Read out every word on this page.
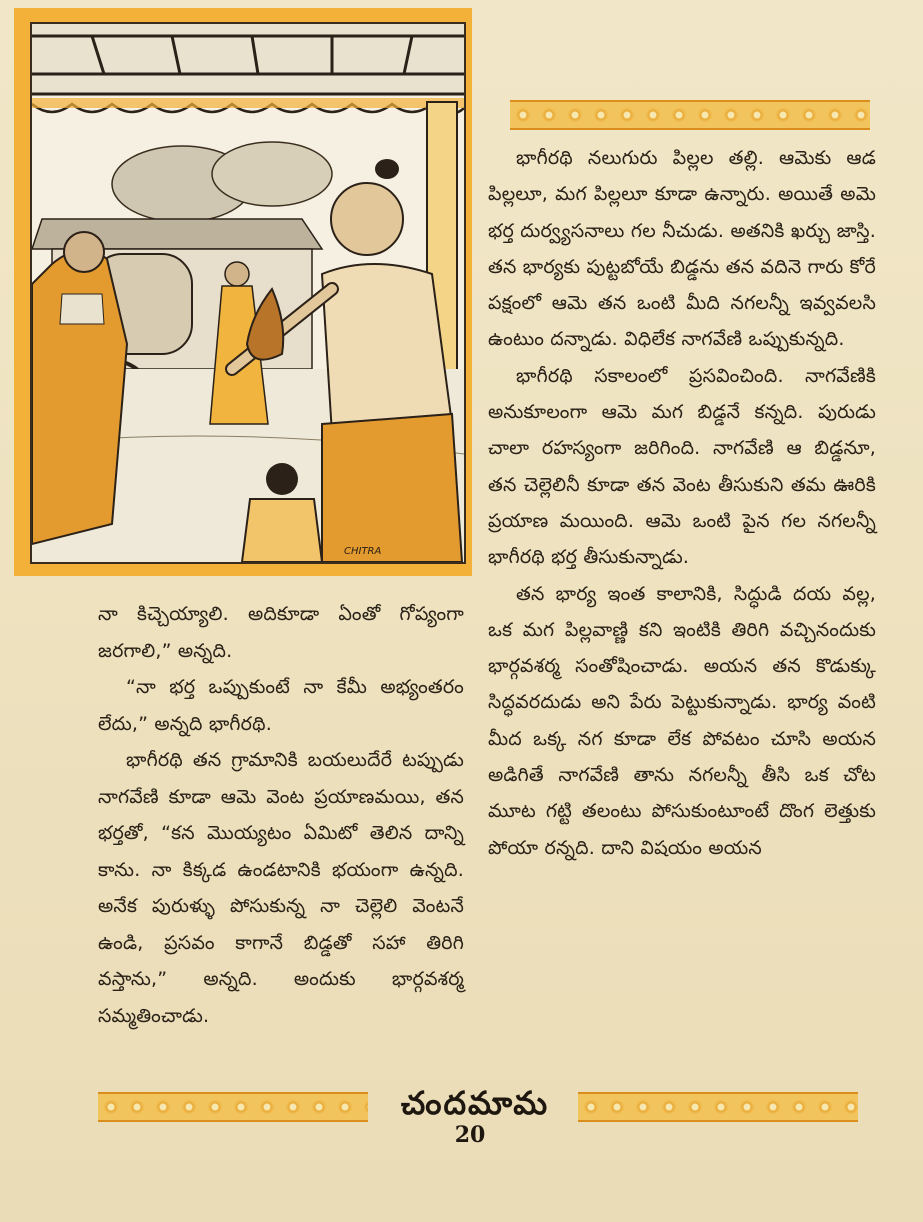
CHITRA

భాగీరథి నలుగురు పిల్లల తల్లి. ఆమెకు ఆడ పిల్లలూ, మగ పిల్లలూ కూడా ఉన్నారు. అయితే అమె భర్త దుర్వ్యసనాలు గల నీచుడు. అతనికి ఖర్చు జాస్తి. తన భార్యకు పుట్టబోయే బిడ్డను తన వదినె గారు కోరే పక్షంలో ఆమె తన ఒంటి మీది నగలన్నీ ఇవ్వవలసి ఉంటుం దన్నాడు. విధిలేక నాగవేణి ఒప్పుకున్నది.

భాగీరథి సకాలంలో ప్రసవించింది. నాగవేణికి అనుకూలంగా ఆమె మగ బిడ్డనే కన్నది. పురుడు చాలా రహస్యంగా జరిగింది. నాగవేణి ఆ బిడ్డనూ, తన చెల్లెలినీ కూడా తన వెంట తీసుకుని తమ ఊరికి ప్రయాణ మయింది. ఆమె ఒంటి పైన గల నగలన్నీ భాగీరథి భర్త తీసుకున్నాడు.

తన భార్య ఇంత కాలానికి, సిద్ధుడి దయ వల్ల, ఒక మగ పిల్లవాణ్ణి కని ఇంటికి తిరిగి వచ్చినందుకు భార్గవశర్మ సంతోషించాడు. అయన తన కొడుక్కు సిద్ధవరదుడు అని పేరు పెట్టుకున్నాడు. భార్య వంటి మీద ఒక్క నగ కూడా లేక పోవటం చూసి అయన అడిగితే నాగవేణి తాను నగలన్నీ తీసి ఒక చోట మూట గట్టి తలంటు పోసుకుంటూంటే దొంగ లెత్తుకు పోయా రన్నది. దాని విషయం అయన

నా కిచ్చెయ్యాలి. అదికూడా ఏంతో గోప్యంగా జరగాలి,” అన్నది.

“నా భర్త ఒప్పుకుంటే నా కేమీ అభ్యంతరం లేదు,” అన్నది భాగీరథి.

భాగీరథి తన గ్రామానికి బయలుదేరే టప్పుడు నాగవేణి కూడా ఆమె వెంట ప్రయాణమయి, తన భర్తతో, “కన మొయ్యటం ఏమిటో తెలిన దాన్ని కాను. నా కిక్కడ ఉండటానికి భయంగా ఉన్నది. అనేక పురుళ్ళు పోసుకున్న నా చెల్లెలి వెంటనే ఉండి, ప్రసవం కాగానే బిడ్డతో సహా తిరిగి వస్తాను,” అన్నది. అందుకు భార్గవశర్మ సమ్మతించాడు.

చందమామ
20
